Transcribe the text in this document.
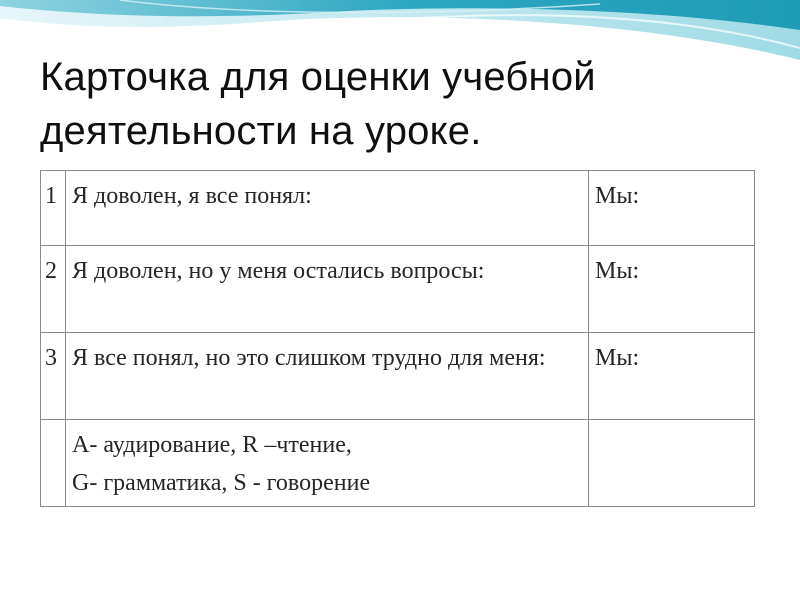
Карточка для оценки учебной
деятельности на уроке.
1	Я доволен, я все понял:	Мы:
2	Я доволен, но у меня остались вопросы:	Мы:
3	Я все понял, но это слишком трудно для меня:	Мы:

	А- аудирование, R –чтение,
G- грамматика, S - говорение	
